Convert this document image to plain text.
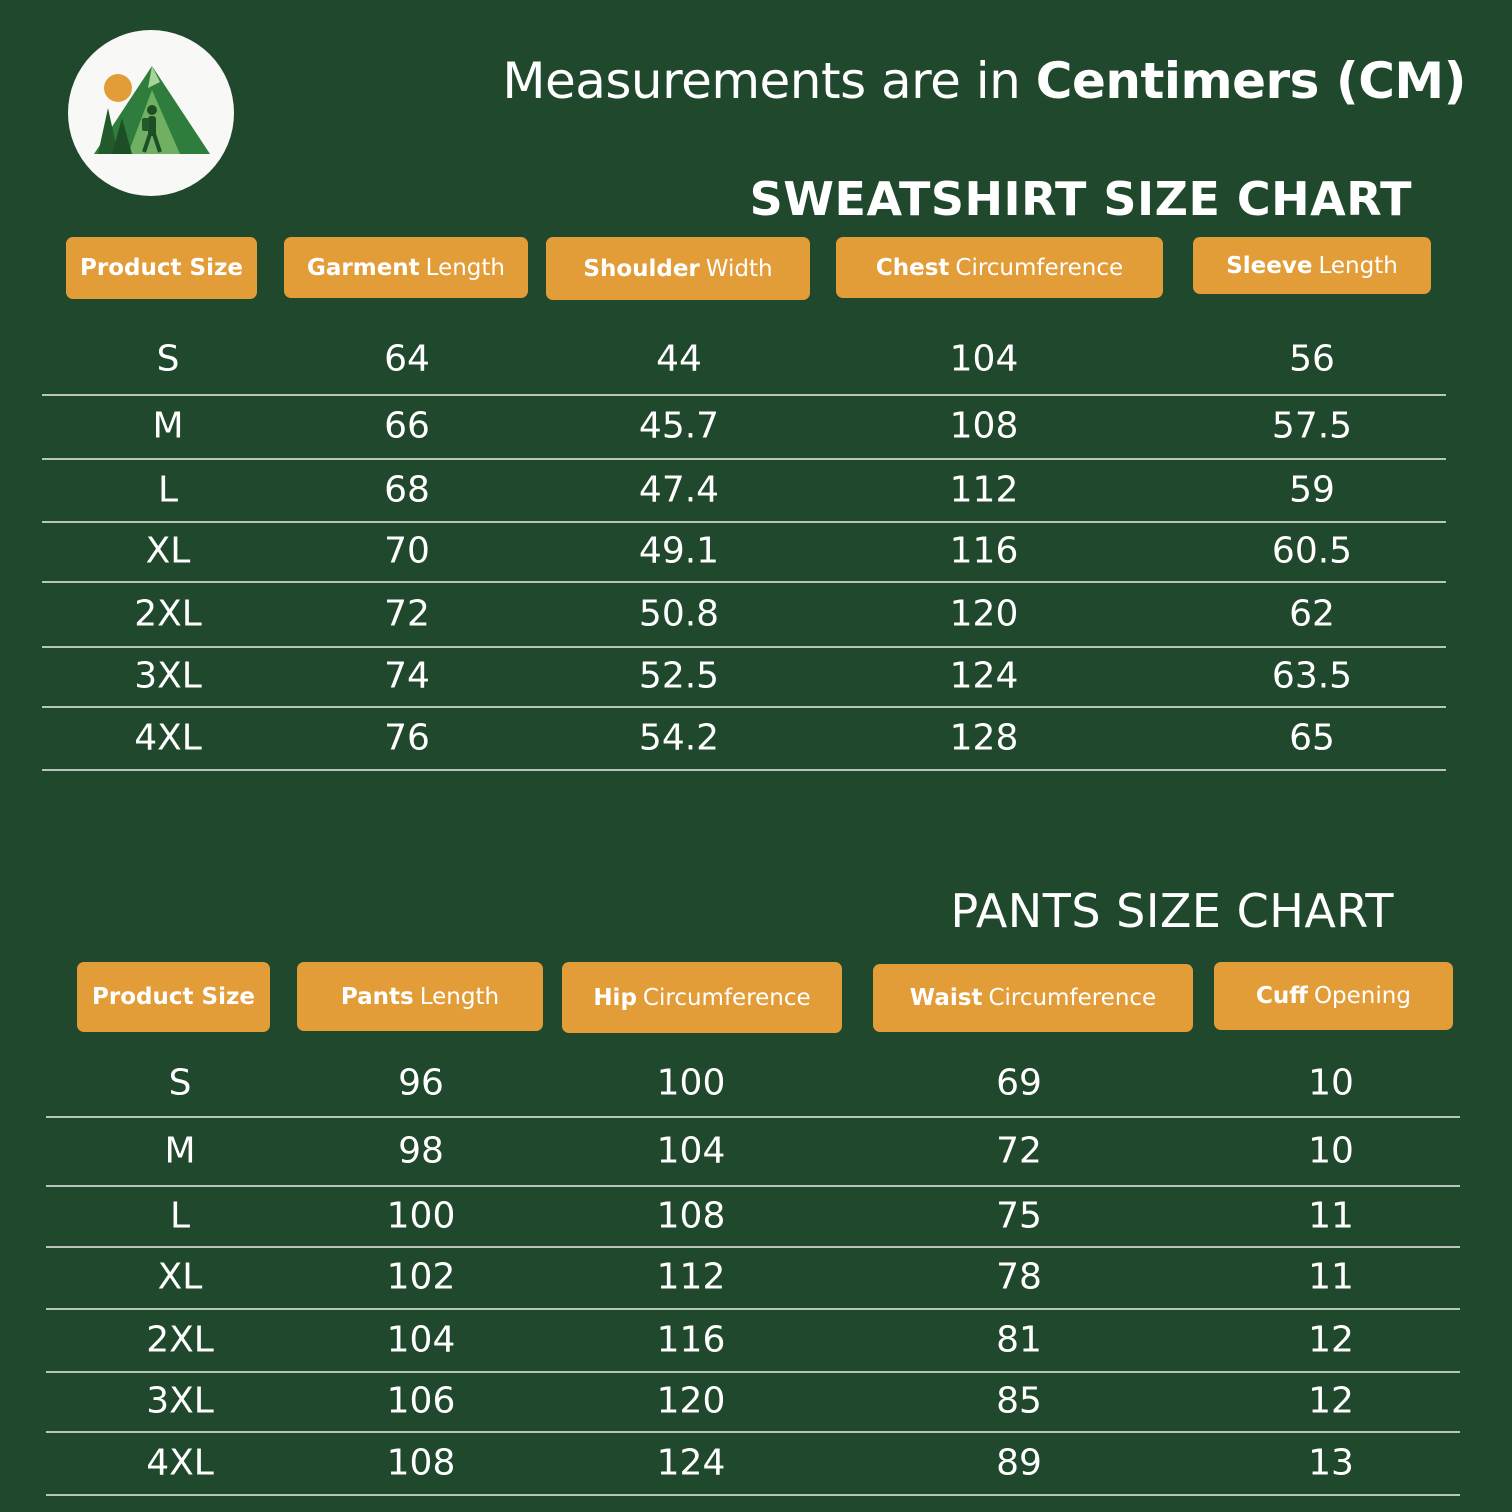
Measurements are in Centimers (CM)
SWEATSHIRT SIZE CHART
Product Size	Garment Length	Shoulder Width	Chest Circumference	Sleeve Length
S	64	44	104	56
M	66	45.7	108	57.5
L	68	47.4	112	59
XL	70	49.1	116	60.5
2XL	72	50.8	120	62
3XL	74	52.5	124	63.5
4XL	76	54.2	128	65
PANTS SIZE CHART
Product Size	Pants Length	Hip Circumference	Waist Circumference	Cuff Opening
S	96	100	69	10
M	98	104	72	10
L	100	108	75	11
XL	102	112	78	11
2XL	104	116	81	12
3XL	106	120	85	12
4XL	108	124	89	13
